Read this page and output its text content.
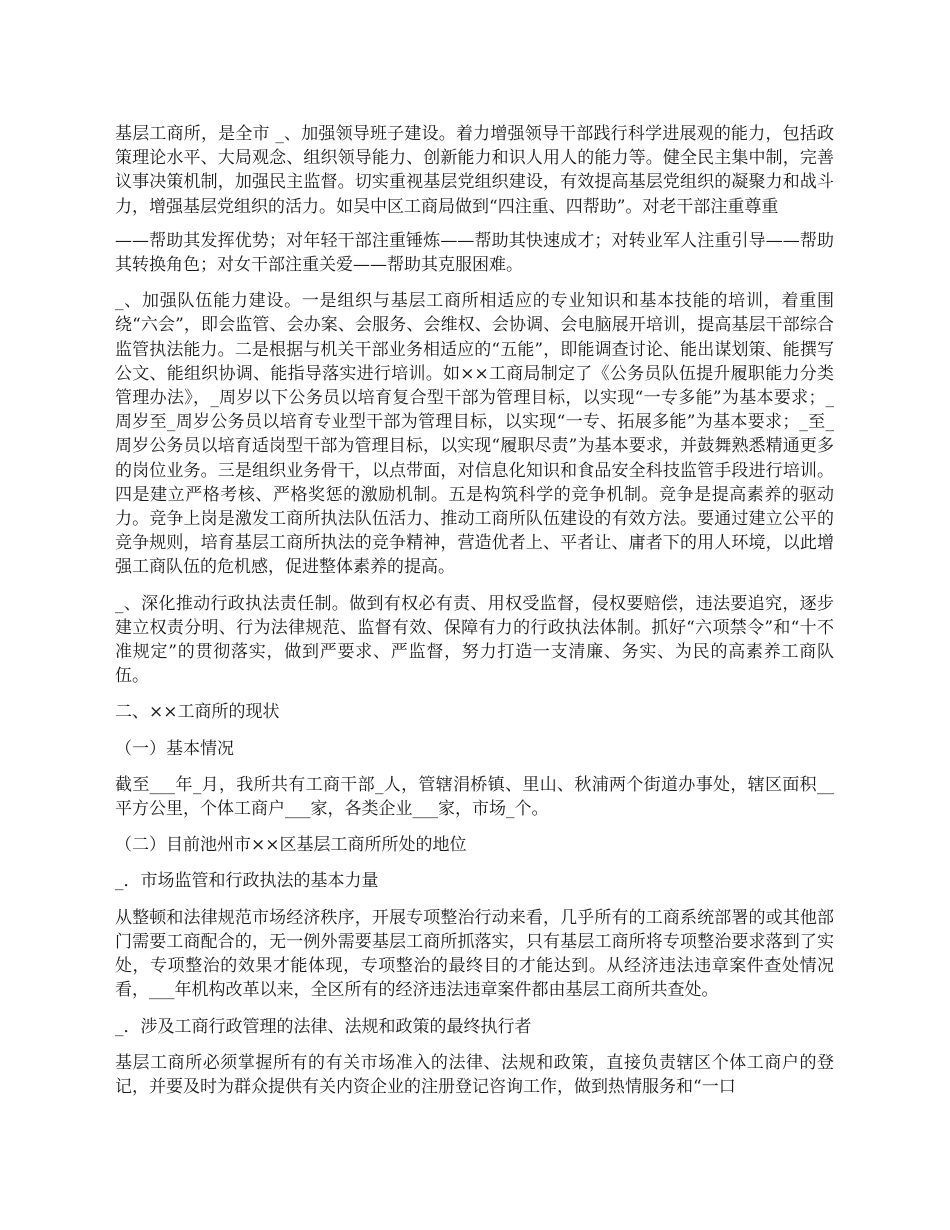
基层工商所，是全市 _、加强领导班子建设。着力增强领导干部践行科学进展观的能力，包括政策理论水平、大局观念、组织领导能力、创新能力和识人用人的能力等。健全民主集中制，完善议事决策机制，加强民主监督。切实重视基层党组织建设，有效提高基层党组织的凝聚力和战斗力，增强基层党组织的活力。如吴中区工商局做到“四注重、四帮助”。对老干部注重尊重

——帮助其发挥优势；对年轻干部注重锤炼——帮助其快速成才；对转业军人注重引导——帮助其转换角色；对女干部注重关爱——帮助其克服困难。

_、加强队伍能力建设。一是组织与基层工商所相适应的专业知识和基本技能的培训，着重围绕“六会”，即会监管、会办案、会服务、会维权、会协调、会电脑展开培训，提高基层干部综合监管执法能力。二是根据与机关干部业务相适应的“五能”，即能调查讨论、能出谋划策、能撰写公文、能组织协调、能指导落实进行培训。如××工商局制定了《公务员队伍提升履职能力分类管理办法》，_周岁以下公务员以培育复合型干部为管理目标，以实现“一专多能”为基本要求；_周岁至_周岁公务员以培育专业型干部为管理目标，以实现“一专、拓展多能”为基本要求；_至_周岁公务员以培育适岗型干部为管理目标，以实现“履职尽责”为基本要求，并鼓舞熟悉精通更多的岗位业务。三是组织业务骨干，以点带面，对信息化知识和食品安全科技监管手段进行培训。四是建立严格考核、严格奖惩的激励机制。五是构筑科学的竞争机制。竞争是提高素养的驱动力。竞争上岗是激发工商所执法队伍活力、推动工商所队伍建设的有效方法。要通过建立公平的竞争规则，培育基层工商所执法的竞争精神，营造优者上、平者让、庸者下的用人环境，以此增强工商队伍的危机感，促进整体素养的提高。

_、深化推动行政执法责任制。做到有权必有责、用权受监督，侵权要赔偿，违法要追究，逐步建立权责分明、行为法律规范、监督有效、保障有力的行政执法体制。抓好“六项禁令”和“十不准规定”的贯彻落实，做到严要求、严监督，努力打造一支清廉、务实、为民的高素养工商队伍。

二、××工商所的现状

（一）基本情况

截至___年_月，我所共有工商干部_人，管辖涓桥镇、里山、秋浦两个街道办事处，辖区面积__平方公里，个体工商户___家，各类企业___家，市场_个。

（二）目前池州市××区基层工商所所处的地位

_．市场监管和行政执法的基本力量

从整顿和法律规范市场经济秩序，开展专项整治行动来看，几乎所有的工商系统部署的或其他部门需要工商配合的，无一例外需要基层工商所抓落实，只有基层工商所将专项整治要求落到了实处，专项整治的效果才能体现，专项整治的最终目的才能达到。从经济违法违章案件查处情况看，___年机构改革以来，全区所有的经济违法违章案件都由基层工商所共查处。

_．涉及工商行政管理的法律、法规和政策的最终执行者

基层工商所必须掌握所有的有关市场准入的法律、法规和政策，直接负责辖区个体工商户的登记，并要及时为群众提供有关内资企业的注册登记咨询工作，做到热情服务和“一口
